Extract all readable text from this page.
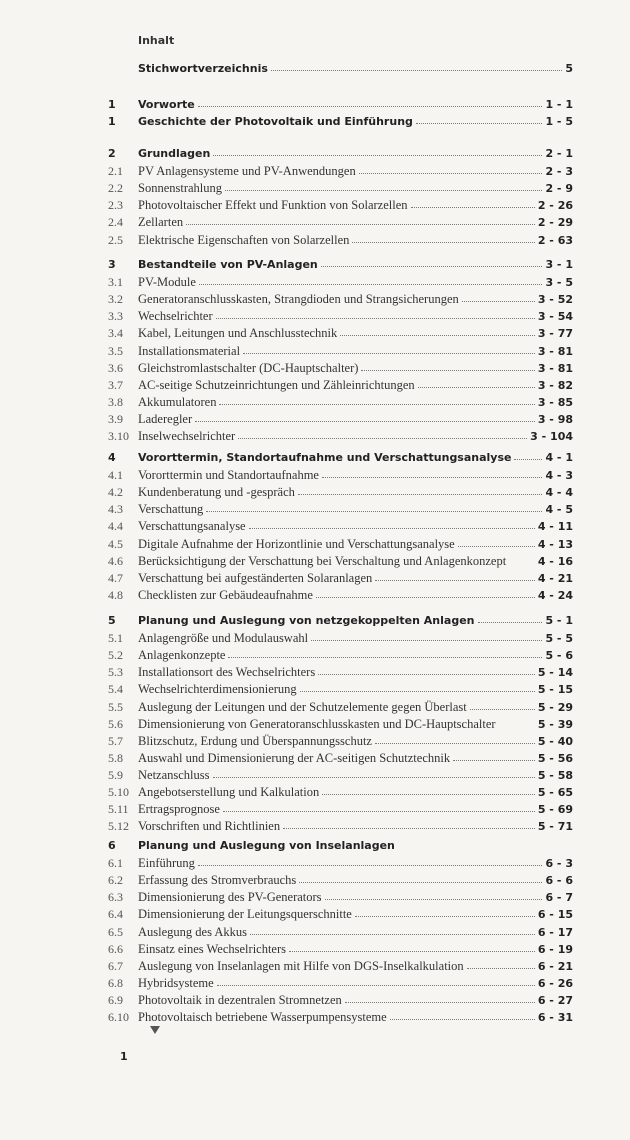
Inhalt
Stichwortverzeichnis	5
1	Vorworte	1 - 1
1	Geschichte der Photovoltaik und Einführung	1 - 5
2	Grundlagen	2 - 1
2.1	PV Anlagensysteme und PV-Anwendungen	2 - 3
2.2	Sonnenstrahlung	2 - 9
2.3	Photovoltaischer Effekt und Funktion von Solarzellen	2 - 26
2.4	Zellarten	2 - 29
2.5	Elektrische Eigenschaften von Solarzellen	2 - 63
3	Bestandteile von PV-Anlagen	3 - 1
3.1	PV-Module	3 - 5
3.2	Generatoranschlusskasten, Strangdioden und Strangsicherungen	3 - 52
3.3	Wechselrichter	3 - 54
3.4	Kabel, Leitungen und Anschlusstechnik	3 - 77
3.5	Installationsmaterial	3 - 81
3.6	Gleichstromlastschalter (DC-Hauptschalter)	3 - 81
3.7	AC-seitige Schutzeinrichtungen und Zähleinrichtungen	3 - 82
3.8	Akkumulatoren	3 - 85
3.9	Laderegler	3 - 98
3.10 Inselwechselrichter	3 - 104
4	Vororttermin, Standortaufnahme und Verschattungsanalyse	4 - 1
4.1	Vororttermin und Standortaufnahme	4 - 3
4.2	Kundenberatung und -gespräch	4 - 4
4.3	Verschattung	4 - 5
4.4	Verschattungsanalyse	4 - 11
4.5	Digitale Aufnahme der Horizontlinie und Verschattungsanalyse	4 - 13
4.6	Berücksichtigung der Verschattung bei Verschaltung und Anlagenkonzept	4 - 16
4.7	Verschattung bei aufgeständerten Solaranlagen	4 - 21
4.8	Checklisten zur Gebäudeaufnahme	4 - 24
5	Planung und Auslegung von netzgekoppelten Anlagen	5 - 1
5.1	Anlagengröße und Modulauswahl	5 - 5
5.2	Anlagenkonzepte	5 - 6
5.3	Installationsort des Wechselrichters	5 - 14
5.4	Wechselrichterdimensionierung	5 - 15
5.5	Auslegung der Leitungen und der Schutzelemente gegen Überlast	5 - 29
5.6	Dimensionierung von Generatoranschlusskasten und DC-Hauptschalter	5 - 39
5.7	Blitzschutz, Erdung und Überspannungsschutz	5 - 40
5.8	Auswahl und Dimensionierung der AC-seitigen Schutztechnik	5 - 56
5.9	Netzanschluss	5 - 58
5.10 Angebotserstellung und Kalkulation	5 - 65
5.11 Ertragsprognose	5 - 69
5.12 Vorschriften und Richtlinien	5 - 71
6	Planung und Auslegung von Inselanlagen
6.1	Einführung	6 - 3
6.2	Erfassung des Stromverbrauchs	6 - 6
6.3	Dimensionierung des PV-Generators	6 - 7
6.4	Dimensionierung der Leitungsquerschnitte	6 - 15
6.5	Auslegung des Akkus	6 - 17
6.6	Einsatz eines Wechselrichters	6 - 19
6.7	Auslegung von Inselanlagen mit Hilfe von DGS-Inselkalkulation	6 - 21
6.8	Hybridsysteme	6 - 26
6.9	Photovoltaik in dezentralen Stromnetzen	6 - 27
6.10 Photovoltaisch betriebene Wasserpumpensysteme	6 - 31
1
